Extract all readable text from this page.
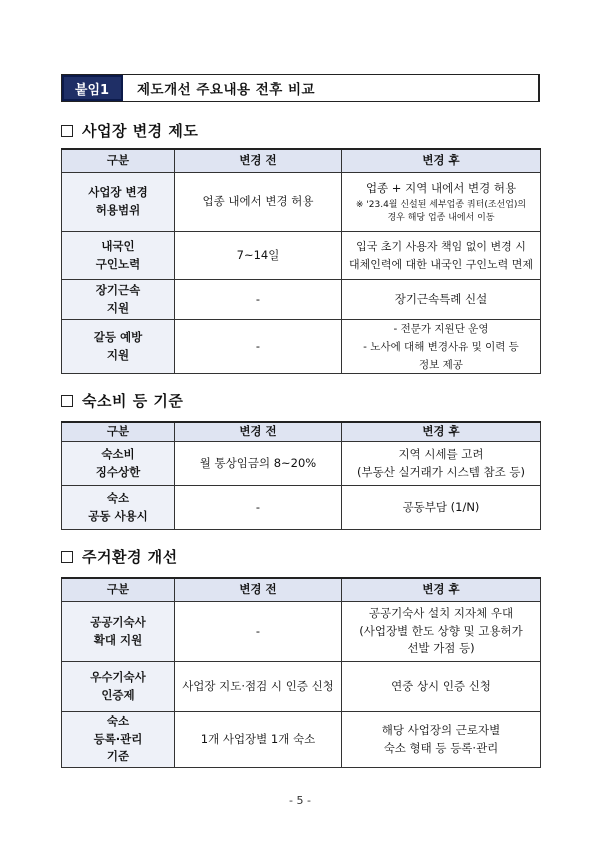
붙임1	제도개선 주요내용 전후 비교
사업장 변경 제도
구분	변경 전	변경 후
사업장 변경
허용범위	업종 내에서 변경 허용	업종 + 지역 내에서 변경 허용
※ '23.4월 신설된 세부업종 쿼터(조선업)의
경우 해당 업종 내에서 이동

내국인
구인노력	7~14일	입국 초기 사용자 책임 없이 변경 시
대체인력에 대한 내국인 구인노력 면제
장기근속
지원	-	장기근속특례 신설
갈등 예방
지원	-	- 전문가 지원단 운영
- 노사에 대해 변경사유 및 이력 등
정보 제공
숙소비 등 기준
구분	변경 전	변경 후
숙소비
징수상한	월 통상임금의 8~20%	지역 시세를 고려
(부동산 실거래가 시스템 참조 등)
숙소
공동 사용시	-	공동부담 (1/N)
주거환경 개선
구분	변경 전	변경 후
공공기숙사
확대 지원	-	공공기숙사 설치 지자체 우대
(사업장별 한도 상향 및 고용허가
선발 가점 등)
우수기숙사
인증제	사업장 지도·점검 시 인증 신청	연중 상시 인증 신청
숙소
등록·관리
기준	1개 사업장별 1개 숙소	해당 사업장의 근로자별
숙소 형태 등 등록·관리
- 5 -
